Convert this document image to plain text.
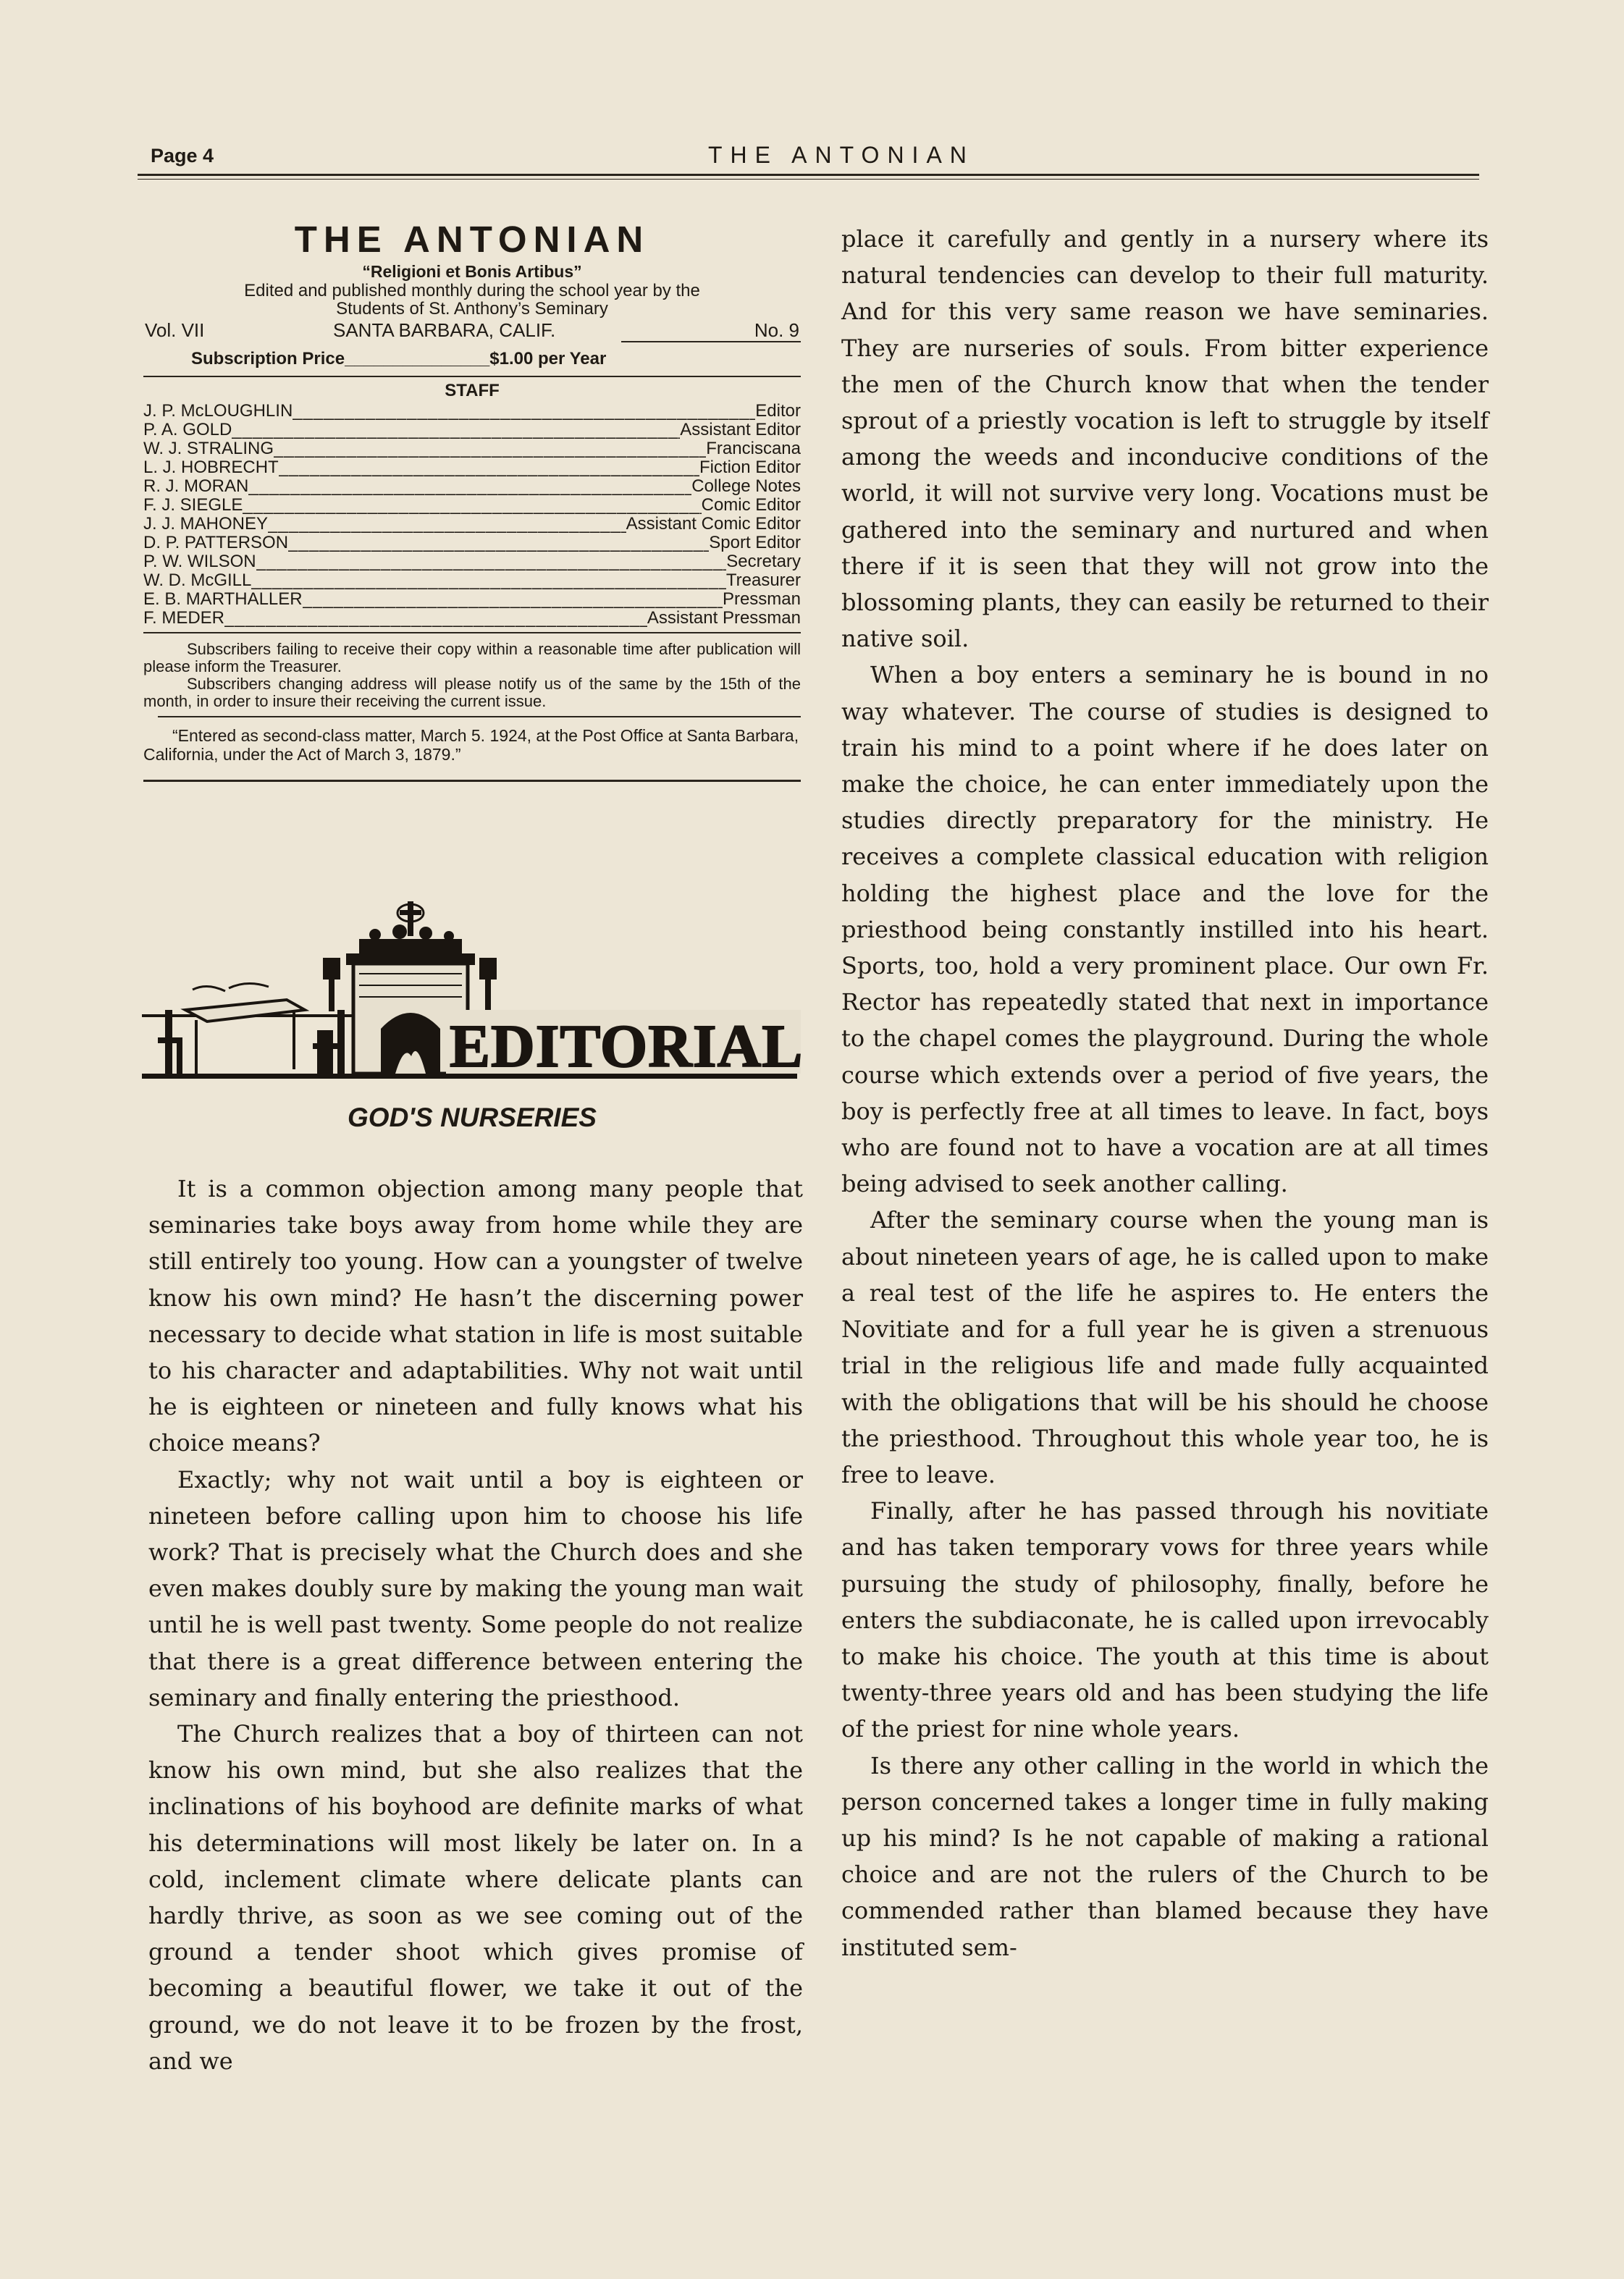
Page 4	THE ANTONIAN
THE ANTONIAN
“Religioni et Bonis Artibus”
Edited and published monthly during the school year by the
Students of St. Anthony’s Seminary
Vol. VII	SANTA BARBARA, CALIF.	No. 9
Subscription Price_______________$1.00 per Year
STAFF
J. P. McLOUGHLIN _____	Editor
P. A. GOLD _____	Assistant Editor
W. J. STRALING _____	Franciscana
L. J. HOBRECHT _____	Fiction Editor
R. J. MORAN _____	College Notes
F. J. SIEGLE _____	Comic Editor
J. J. MAHONEY _____	Assistant Comic Editor
D. P. PATTERSON _____	Sport Editor
P. W. WILSON _____	Secretary
W. D. McGILL _____	Treasurer
E. B. MARTHALLER _____	Pressman
F. MEDER _____	Assistant Pressman

Subscribers failing to receive their copy within a reasonable time after publication will please inform the Treasurer.

Subscribers changing address will please notify us of the same by the 15th of the month, in order to insure their receiving the current issue.

“Entered as second-class matter, March 5. 1924, at the Post Office at Santa Barbara, California, under the Act of March 3, 1879.”
EDITORIAL
GOD'S NURSERIES

It is a common objection among many people that seminaries take boys away from home while they are still entirely too young. How can a youngster of twelve know his own mind? He hasn’t the discerning power necessary to decide what station in life is most suitable to his character and adaptabilities. Why not wait until he is eighteen or nineteen and fully knows what his choice means?

Exactly; why not wait until a boy is eighteen or nineteen before calling upon him to choose his life work? That is precisely what the Church does and she even makes doubly sure by making the young man wait until he is well past twenty. Some people do not realize that there is a great difference between entering the seminary and finally entering the priesthood.

The Church realizes that a boy of thirteen can not know his own mind, but she also realizes that the inclinations of his boyhood are definite marks of what his determinations will most likely be later on. In a cold, inclement climate where delicate plants can hardly thrive, as soon as we see coming out of the ground a tender shoot which gives promise of becoming a beautiful flower, we take it out of the ground, we do not leave it to be frozen by the frost, and we

place it carefully and gently in a nursery where its natural tendencies can develop to their full maturity. And for this very same reason we have seminaries. They are nurseries of souls. From bitter experience the men of the Church know that when the tender sprout of a priestly vocation is left to struggle by itself among the weeds and inconducive conditions of the world, it will not survive very long. Vocations must be gathered into the seminary and nurtured and when there if it is seen that they will not grow into the blossoming plants, they can easily be returned to their native soil.

When a boy enters a seminary he is bound in no way whatever. The course of studies is designed to train his mind to a point where if he does later on make the choice, he can enter immediately upon the studies directly preparatory for the ministry. He receives a complete classical education with religion holding the highest place and the love for the priesthood being constantly instilled into his heart. Sports, too, hold a very prominent place. Our own Fr. Rector has repeatedly stated that next in importance to the chapel comes the playground. During the whole course which extends over a period of five years, the boy is perfectly free at all times to leave. In fact, boys who are found not to have a vocation are at all times being advised to seek another calling.

After the seminary course when the young man is about nineteen years of age, he is called upon to make a real test of the life he aspires to. He enters the Novitiate and for a full year he is given a strenuous trial in the religious life and made fully acquainted with the obligations that will be his should he choose the priesthood. Throughout this whole year too, he is free to leave.

Finally, after he has passed through his novitiate and has taken temporary vows for three years while pursuing the study of philosophy, finally, before he enters the subdiaconate, he is called upon irrevocably to make his choice. The youth at this time is about twenty-three years old and has been studying the life of the priest for nine whole years.

Is there any other calling in the world in which the person concerned takes a longer time in fully making up his mind? Is he not capable of making a rational choice and are not the rulers of the Church to be commended rather than blamed because they have instituted sem-
